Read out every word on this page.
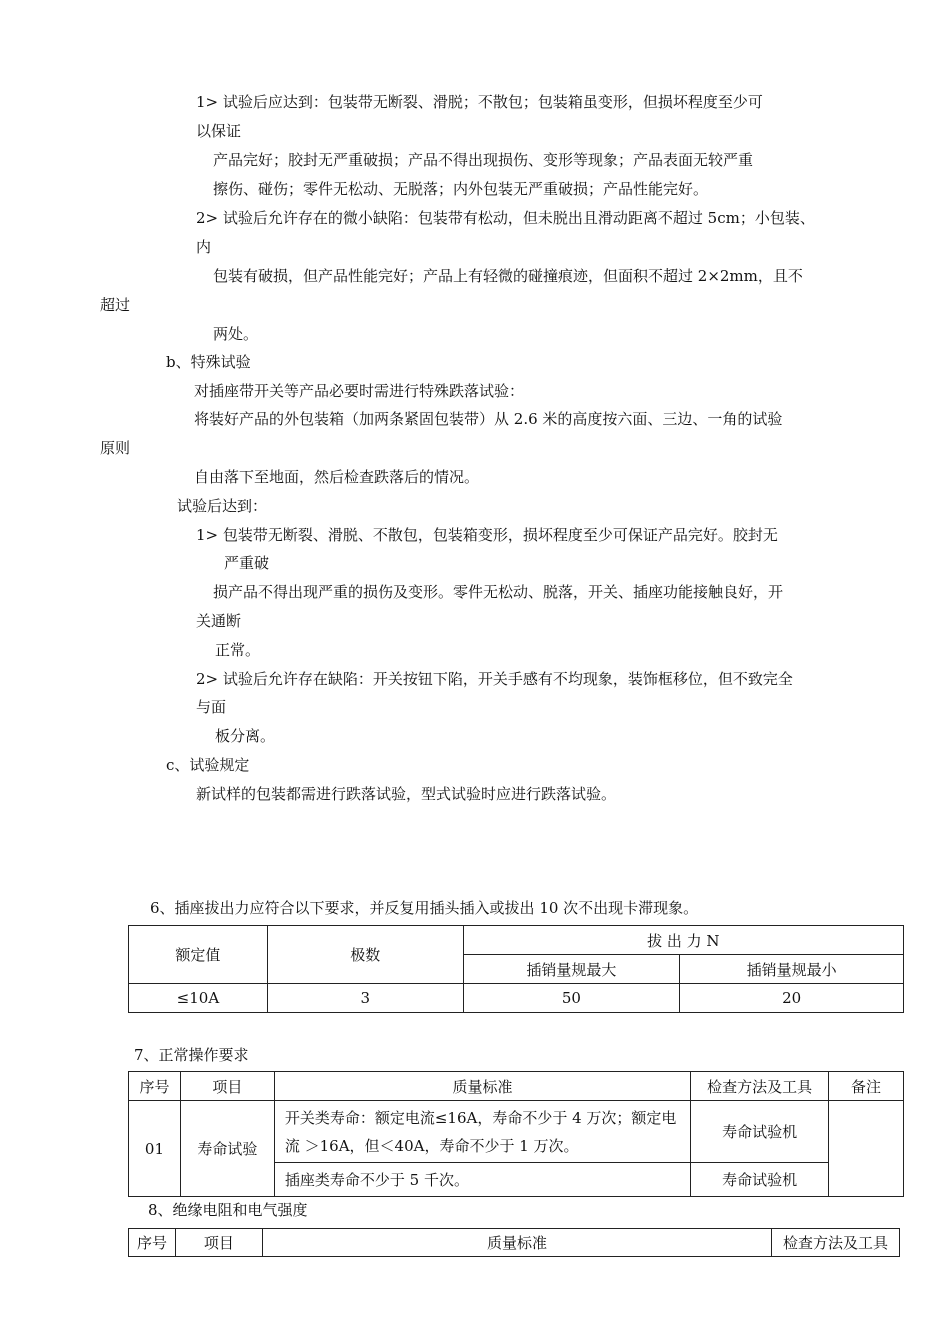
1> 试验后应达到：包装带无断裂、滑脱；不散包；包装箱虽变形，但损坏程度至少可
以保证
产品完好；胶封无严重破损；产品不得出现损伤、变形等现象；产品表面无较严重
擦伤、碰伤；零件无松动、无脱落；内外包装无严重破损；产品性能完好。
2> 试验后允许存在的微小缺陷：包装带有松动，但未脱出且滑动距离不超过 5cm；小包装、
内
包装有破损，但产品性能完好；产品上有轻微的碰撞痕迹，但面积不超过 2×2mm，且不
超过
两处。
b、特殊试验
对插座带开关等产品必要时需进行特殊跌落试验：
将装好产品的外包装箱（加两条紧固包装带）从 2.6 米的高度按六面、三边、一角的试验
原则
自由落下至地面，然后检查跌落后的情况。
试验后达到：
1> 包装带无断裂、滑脱、不散包，包装箱变形，损坏程度至少可保证产品完好。胶封无
严重破
损产品不得出现严重的损伤及变形。零件无松动、脱落，开关、插座功能接触良好，开
关通断
正常。
2> 试验后允许存在缺陷：开关按钮下陷，开关手感有不均现象，装饰框移位，但不致完全
与面
板分离。
c、试验规定
新试样的包装都需进行跌落试验，型式试验时应进行跌落试验。
6、插座拔出力应符合以下要求，并反复用插头插入或拔出 10 次不出现卡滞现象。
7、正常操作要求
8、绝缘电阻和电气强度
额定值	极数	拔 出 力 N	
		插销量规最大	插销量规最小
≤10A	3	50	20
序号	项目	质量标准	检查方法及工具	备注
01	寿命试验	开关类寿命：额定电流≤16A，寿命不少于 4 万次；额定电流 ＞16A，但＜40A，寿命不少于 1 万次。	寿命试验机	
		插座类寿命不少于 5 千次。	寿命试验机	
序号	项目	质量标准	检查方法及工具
